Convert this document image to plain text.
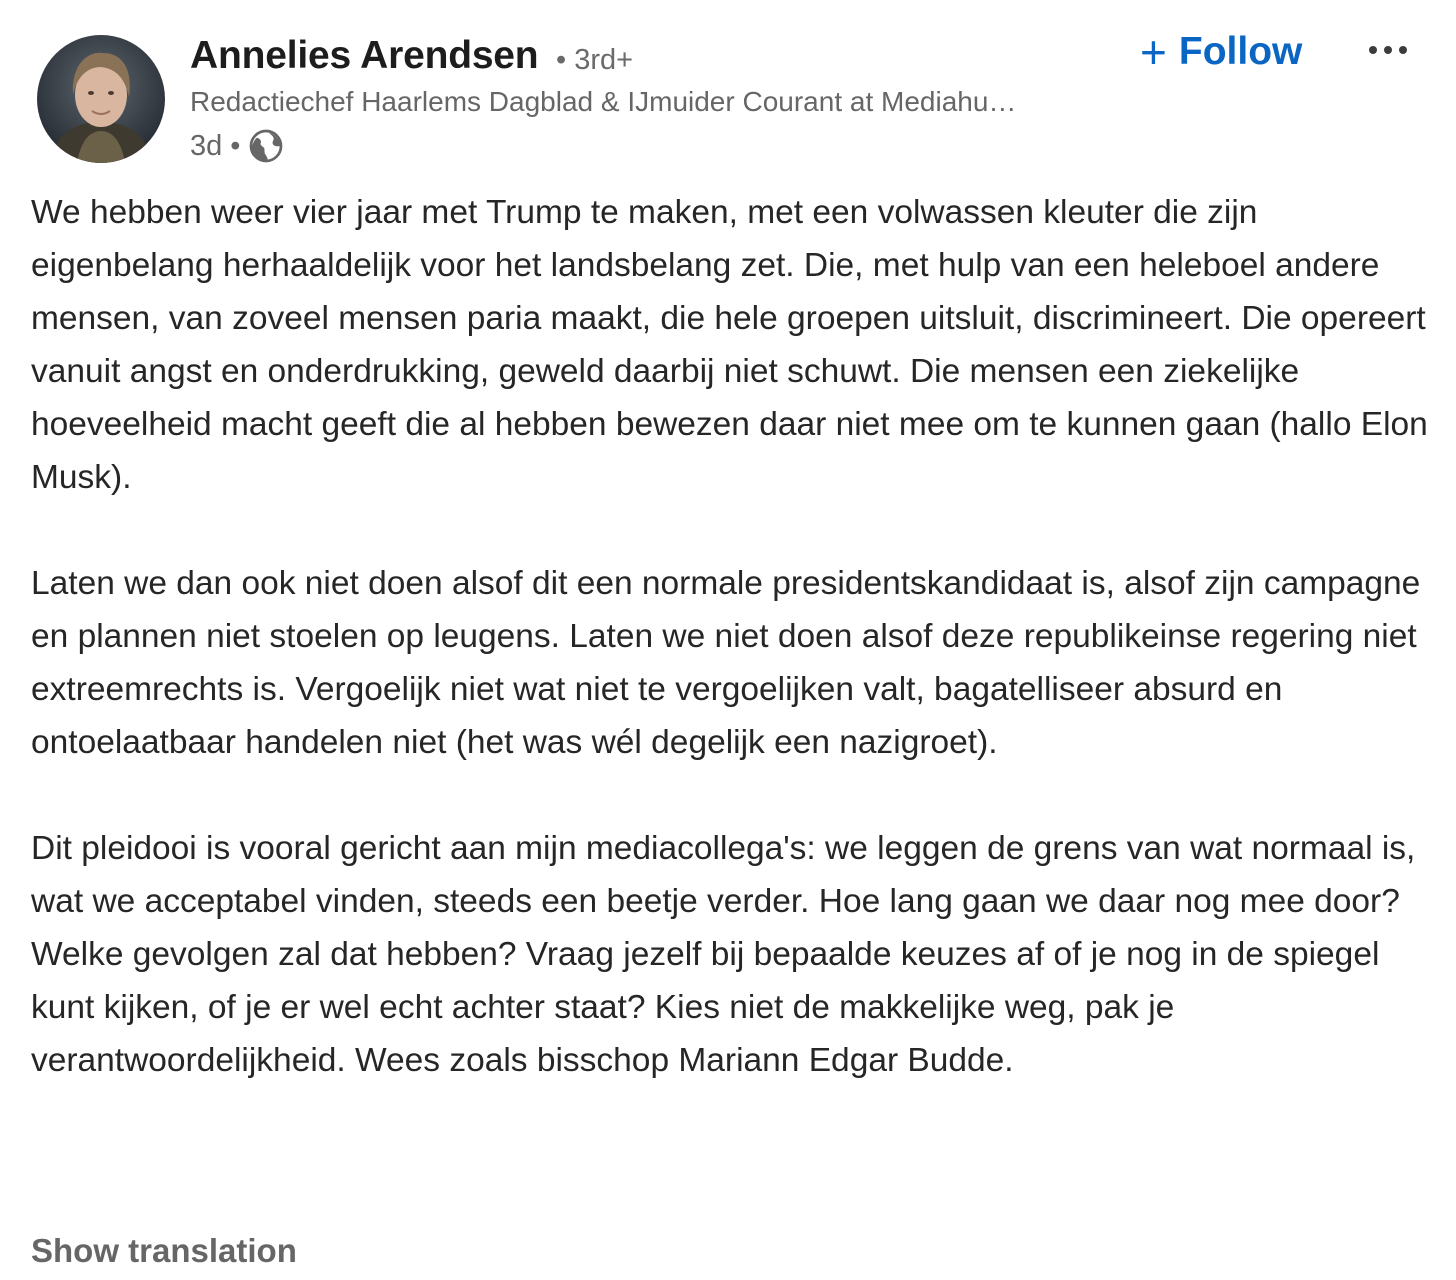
Annelies Arendsen • 3rd+
Redactiechef Haarlems Dagblad & IJmuider Courant at Mediahu…
3d •
+ Follow

We hebben weer vier jaar met Trump te maken, met een volwassen kleuter die zijn eigenbelang herhaaldelijk voor het landsbelang zet. Die, met hulp van een heleboel andere mensen, van zoveel mensen paria maakt, die hele groepen uitsluit, discrimineert. Die opereert vanuit angst en onderdrukking, geweld daarbij niet schuwt. Die mensen een ziekelijke hoeveelheid macht geeft die al hebben bewezen daar niet mee om te kunnen gaan (hallo Elon Musk).

Laten we dan ook niet doen alsof dit een normale presidentskandidaat is, alsof zijn campagne en plannen niet stoelen op leugens. Laten we niet doen alsof deze republikeinse regering niet extreemrechts is. Vergoelijk niet wat niet te vergoelijken valt, bagatelliseer absurd en ontoelaatbaar handelen niet (het was wél degelijk een nazigroet).

Dit pleidooi is vooral gericht aan mijn mediacollega's: we leggen de grens van wat normaal is, wat we acceptabel vinden, steeds een beetje verder. Hoe lang gaan we daar nog mee door? Welke gevolgen zal dat hebben? Vraag jezelf bij bepaalde keuzes af of je nog in de spiegel kunt kijken, of je er wel echt achter staat? Kies niet de makkelijke weg, pak je verantwoordelijkheid. Wees zoals bisschop Mariann Edgar Budde.

Show translation
